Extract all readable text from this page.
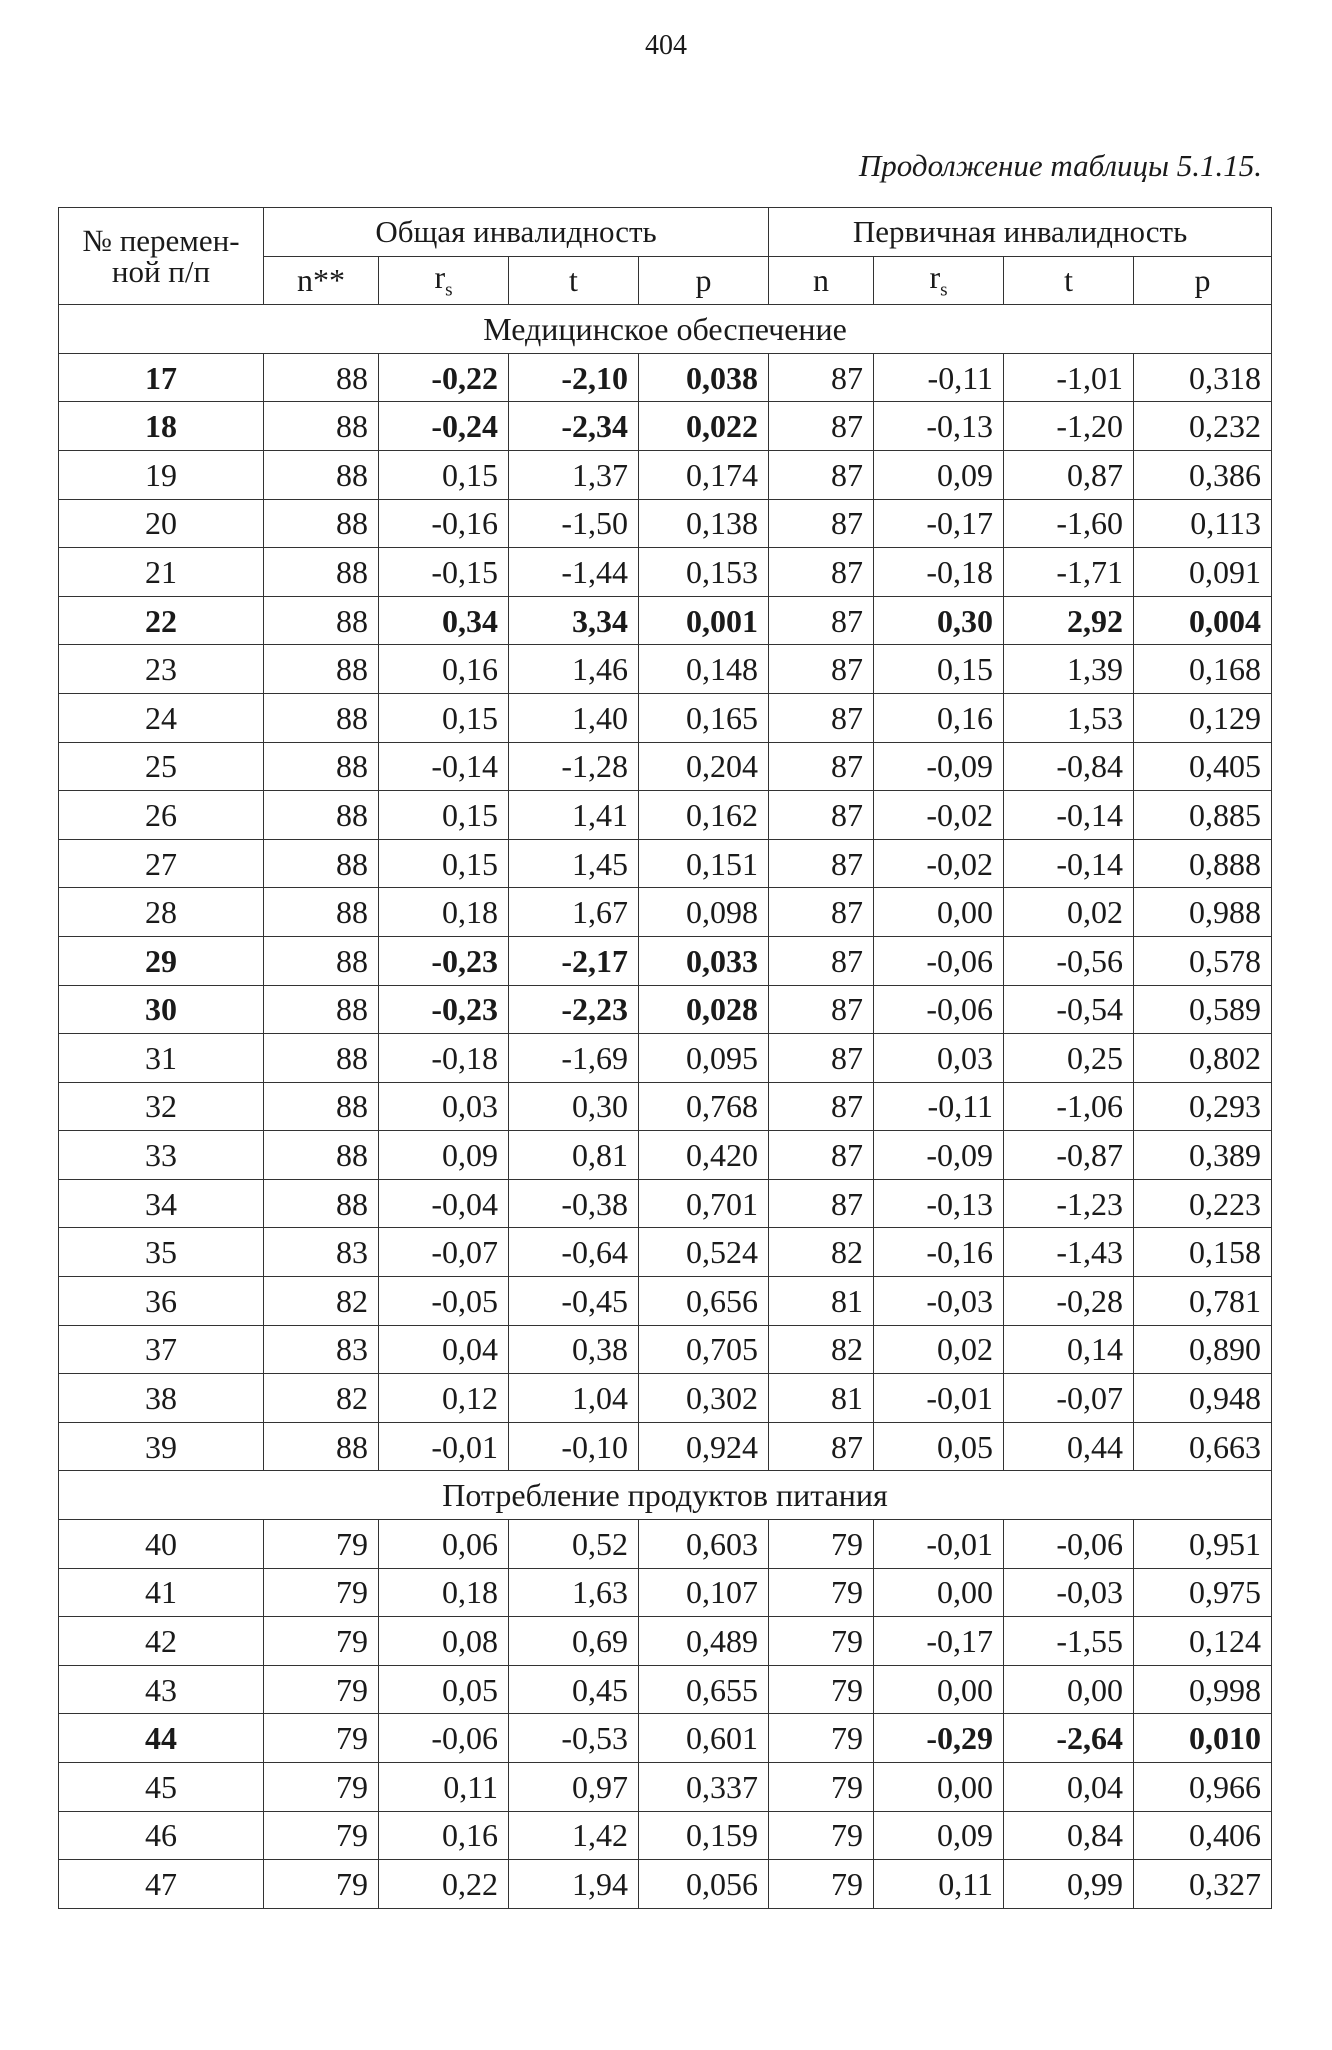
404
Продолжение таблицы 5.1.15.
№ перемен-
ной п/п	Общая инвалидность				Первичная инвалидность			
	n**	$r_s$	t	p	n	$r_s$	t	p
Медицинское обеспечение								
17	88	-0,22	-2,10	0,038	87	-0,11	-1,01	0,318
18	88	-0,24	-2,34	0,022	87	-0,13	-1,20	0,232
19	88	0,15	1,37	0,174	87	0,09	0,87	0,386
20	88	-0,16	-1,50	0,138	87	-0,17	-1,60	0,113
21	88	-0,15	-1,44	0,153	87	-0,18	-1,71	0,091
22	88	0,34	3,34	0,001	87	0,30	2,92	0,004
23	88	0,16	1,46	0,148	87	0,15	1,39	0,168
24	88	0,15	1,40	0,165	87	0,16	1,53	0,129
25	88	-0,14	-1,28	0,204	87	-0,09	-0,84	0,405
26	88	0,15	1,41	0,162	87	-0,02	-0,14	0,885
27	88	0,15	1,45	0,151	87	-0,02	-0,14	0,888
28	88	0,18	1,67	0,098	87	0,00	0,02	0,988
29	88	-0,23	-2,17	0,033	87	-0,06	-0,56	0,578
30	88	-0,23	-2,23	0,028	87	-0,06	-0,54	0,589
31	88	-0,18	-1,69	0,095	87	0,03	0,25	0,802
32	88	0,03	0,30	0,768	87	-0,11	-1,06	0,293
33	88	0,09	0,81	0,420	87	-0,09	-0,87	0,389
34	88	-0,04	-0,38	0,701	87	-0,13	-1,23	0,223
35	83	-0,07	-0,64	0,524	82	-0,16	-1,43	0,158
36	82	-0,05	-0,45	0,656	81	-0,03	-0,28	0,781
37	83	0,04	0,38	0,705	82	0,02	0,14	0,890
38	82	0,12	1,04	0,302	81	-0,01	-0,07	0,948
39	88	-0,01	-0,10	0,924	87	0,05	0,44	0,663
Потребление продуктов питания								
40	79	0,06	0,52	0,603	79	-0,01	-0,06	0,951
41	79	0,18	1,63	0,107	79	0,00	-0,03	0,975
42	79	0,08	0,69	0,489	79	-0,17	-1,55	0,124
43	79	0,05	0,45	0,655	79	0,00	0,00	0,998
44	79	-0,06	-0,53	0,601	79	-0,29	-2,64	0,010
45	79	0,11	0,97	0,337	79	0,00	0,04	0,966
46	79	0,16	1,42	0,159	79	0,09	0,84	0,406
47	79	0,22	1,94	0,056	79	0,11	0,99	0,327
